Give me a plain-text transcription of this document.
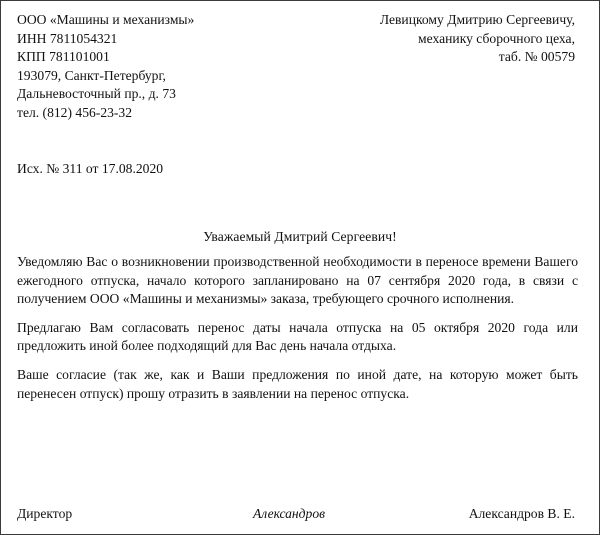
ООО «Машины и механизмы»
ИНН 7811054321
КПП 781101001
193079, Санкт-Петербург,
Дальневосточный пр., д. 73
тел. (812) 456-23-32
Левицкому Дмитрию Сергеевичу,
механику сборочного цеха,
таб. № 00579
Исх. № 311 от 17.08.2020
Уважаемый Дмитрий Сергеевич!

Уведомляю Вас о возникновении производственной необходимости в переносе времени Вашего ежегодного отпуска, начало которого запланировано на 07 сентября 2020 года, в связи с получением ООО «Машины и механизмы» заказа, требующего срочного исполнения.

Предлагаю Вам согласовать перенос даты начала отпуска на 05 октября 2020 года или предложить иной более подходящий для Вас день начала отдыха.

Ваше согласие (так же, как и Ваши предложения по иной дате, на которую может быть перенесен отпуск) прошу отразить в заявлении на перенос отпуска.

Директор	Александров	Александров В. Е.
